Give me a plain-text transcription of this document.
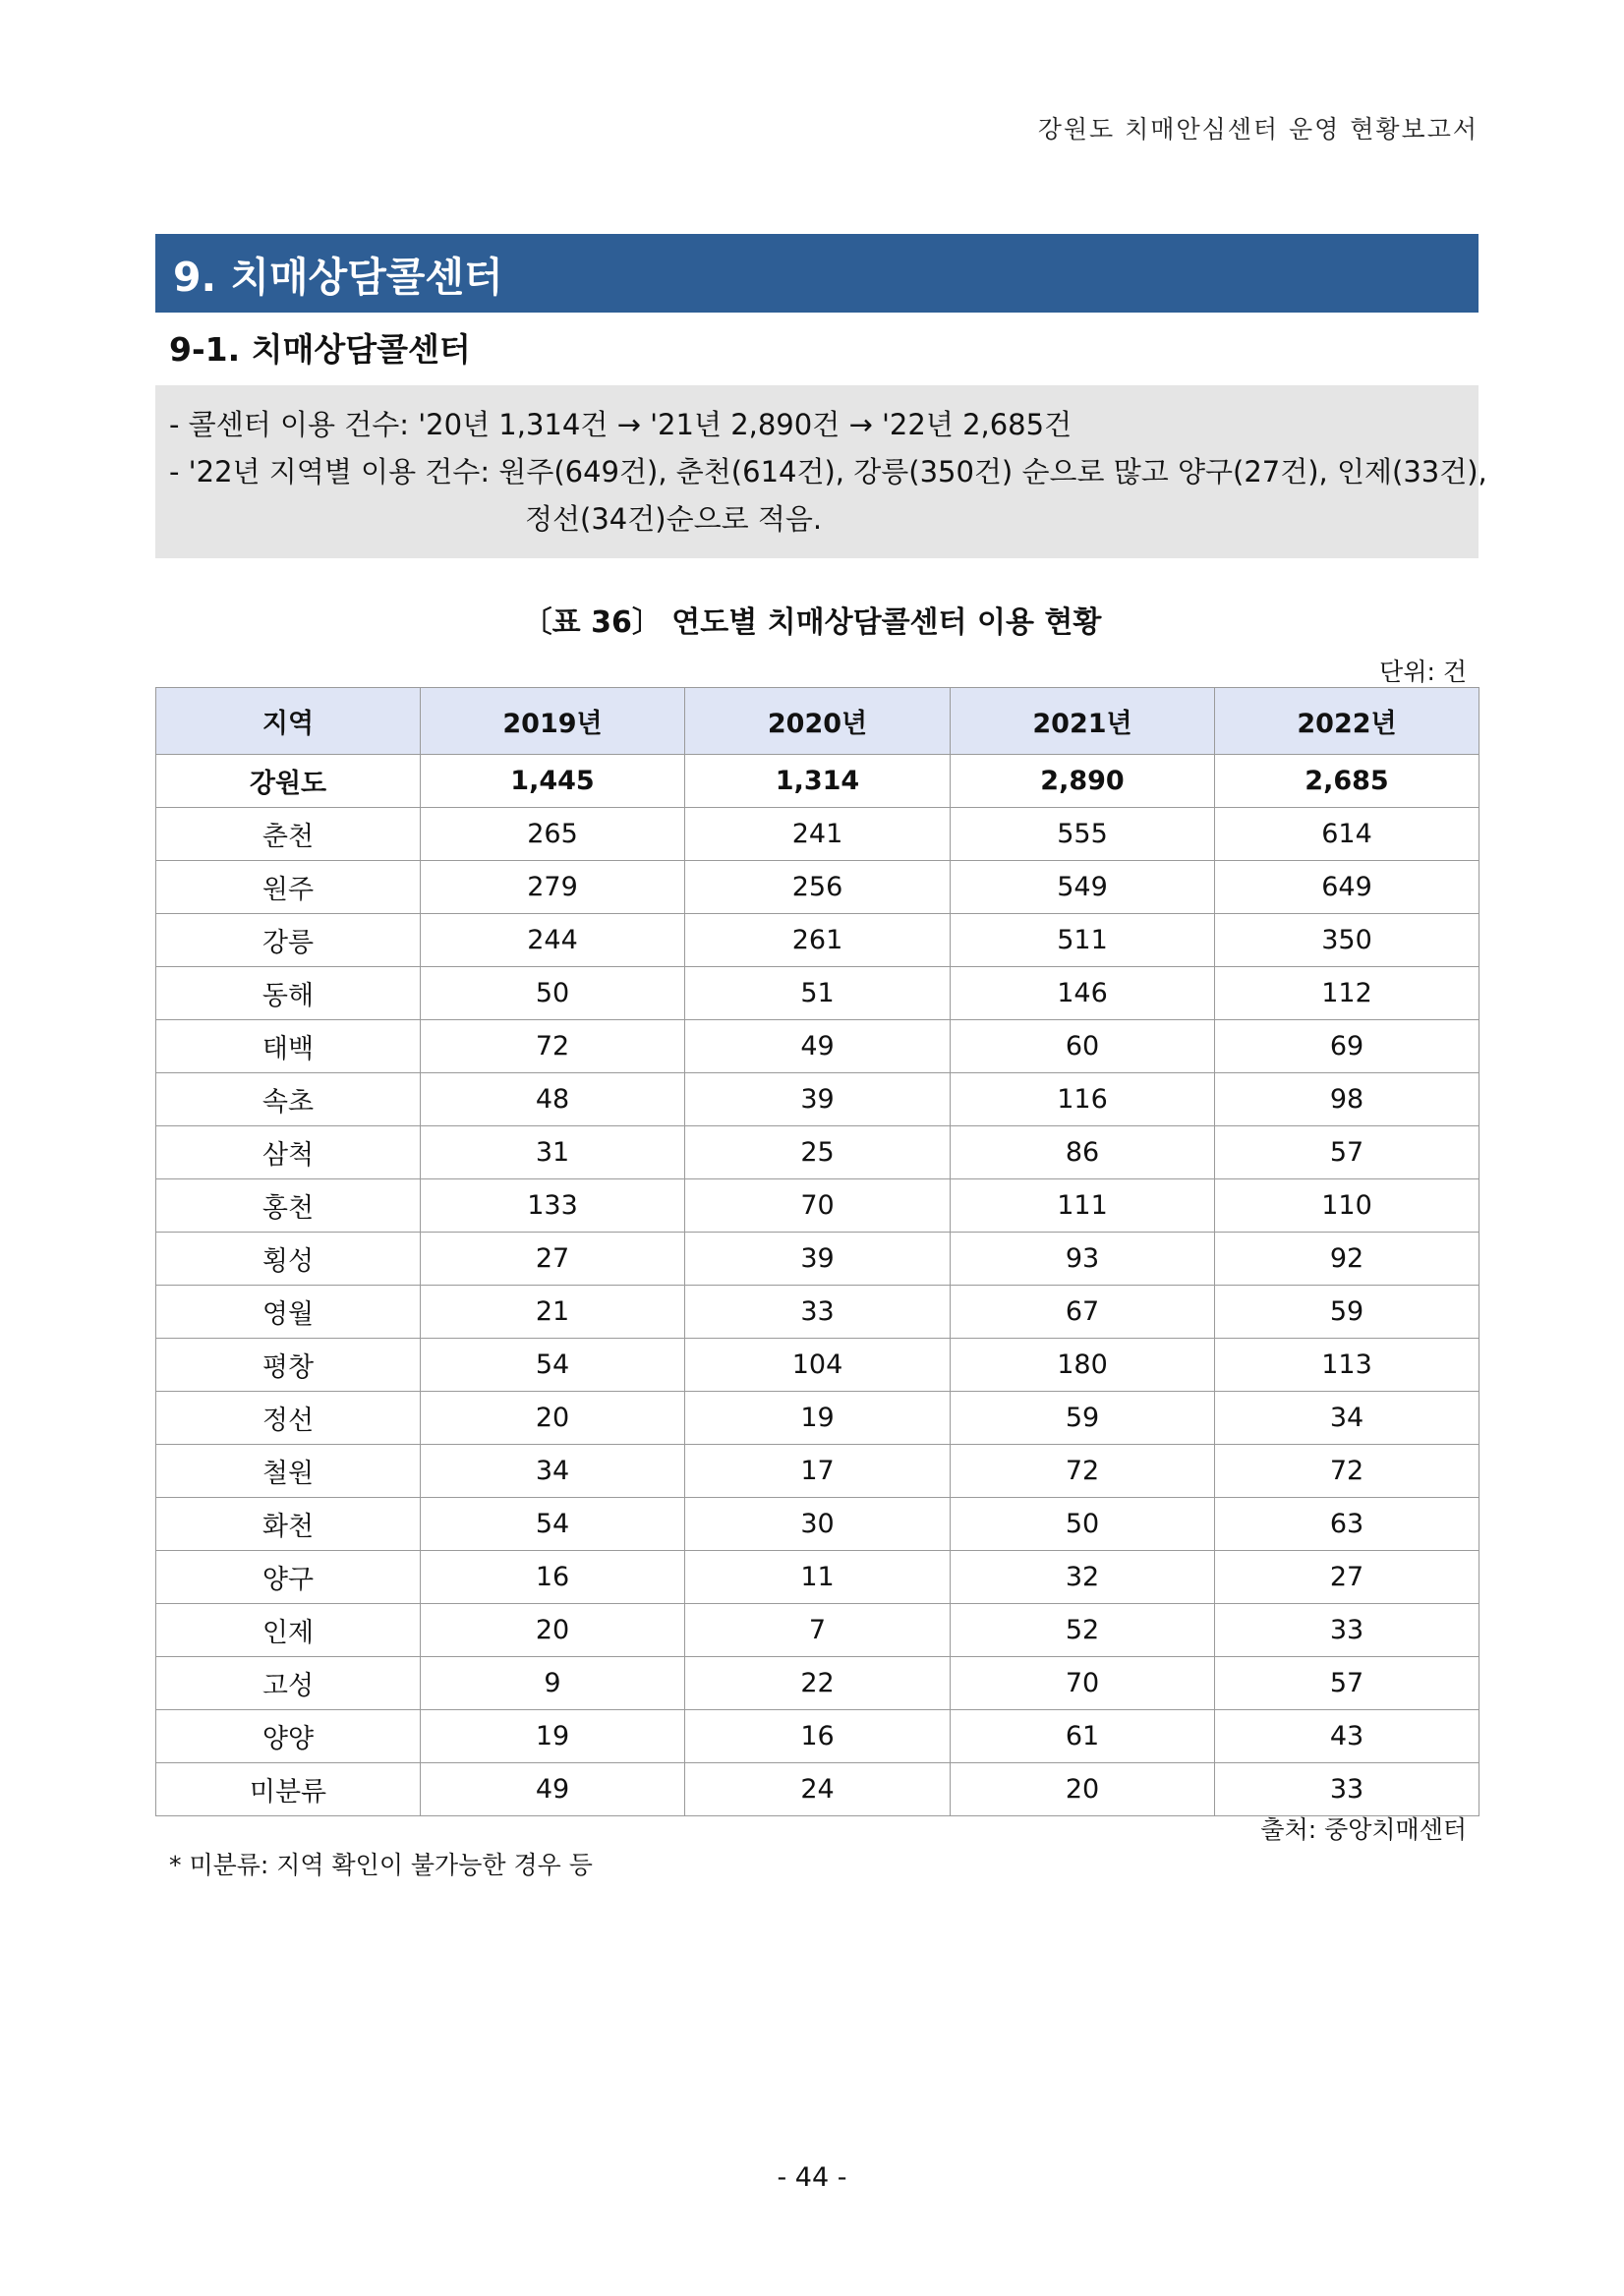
강원도 치매안심센터 운영 현황보고서
9. 치매상담콜센터
9-1. 치매상담콜센터
- 콜센터 이용 건수: '20년 1,314건 → '21년 2,890건 → '22년 2,685건
- '22년 지역별 이용 건수: 원주(649건), 춘천(614건), 강릉(350건) 순으로 많고 양구(27건), 인제(33건),
정선(34건)순으로 적음.
〔표 36〕 연도별 치매상담콜센터 이용 현황
단위: 건
지역	2019년	2020년	2021년	2022년
강원도	1,445	1,314	2,890	2,685
춘천	265	241	555	614
원주	279	256	549	649
강릉	244	261	511	350
동해	50	51	146	112
태백	72	49	60	69
속초	48	39	116	98
삼척	31	25	86	57
홍천	133	70	111	110
횡성	27	39	93	92
영월	21	33	67	59
평창	54	104	180	113
정선	20	19	59	34
철원	34	17	72	72
화천	54	30	50	63
양구	16	11	32	27
인제	20	7	52	33
고성	9	22	70	57
양양	19	16	61	43
미분류	49	24	20	33
출처: 중앙치매센터
* 미분류: 지역 확인이 불가능한 경우 등
- 44 -
